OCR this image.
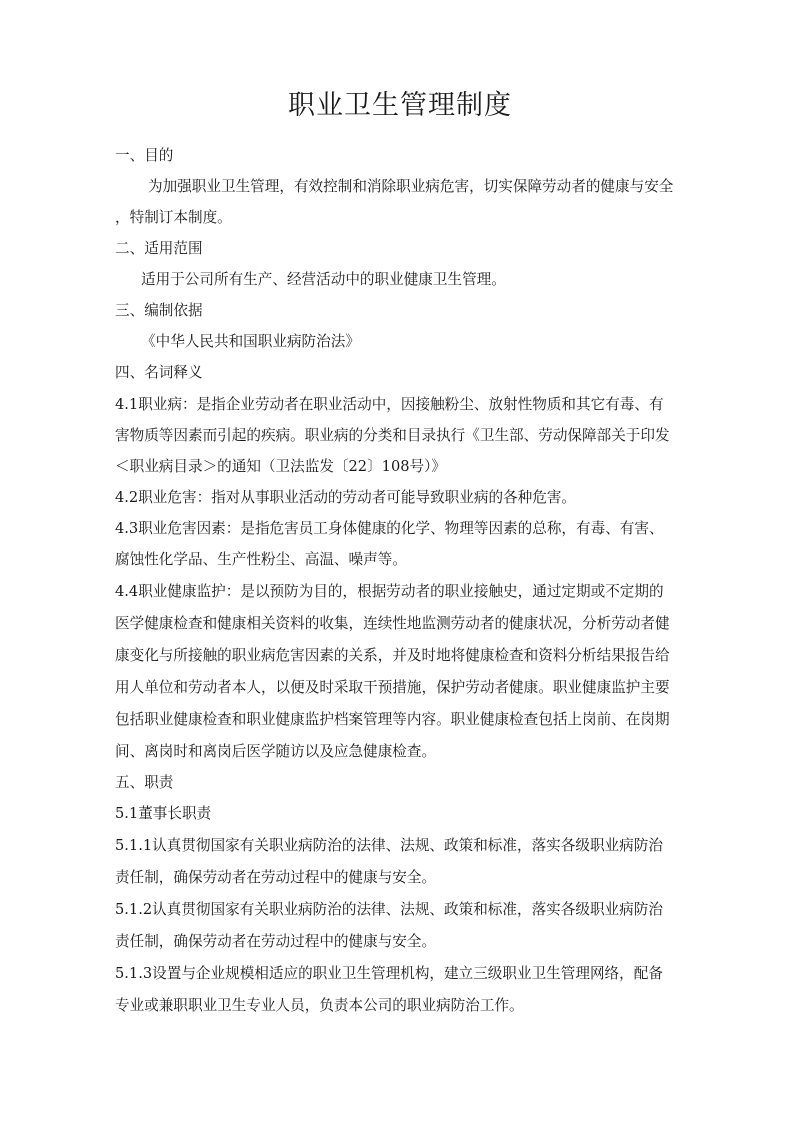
职业卫生管理制度
一、目的
为加强职业卫生管理，有效控制和消除职业病危害，切实保障劳动者的健康与安全
，特制订本制度。
二、适用范围
适用于公司所有生产、经营活动中的职业健康卫生管理。
三、编制依据
《中华人民共和国职业病防治法》
四、名词释义
4.1职业病：是指企业劳动者在职业活动中，因接触粉尘、放射性物质和其它有毒、有
害物质等因素而引起的疾病。职业病的分类和目录执行《卫生部、劳动保障部关于印发
＜职业病目录＞的通知（卫法监发〔22〕108号）》
4.2职业危害：指对从事职业活动的劳动者可能导致职业病的各种危害。
4.3职业危害因素：是指危害员工身体健康的化学、物理等因素的总称，有毒、有害、
腐蚀性化学品、生产性粉尘、高温、噪声等。
4.4职业健康监护：是以预防为目的，根据劳动者的职业接触史，通过定期或不定期的
医学健康检查和健康相关资料的收集，连续性地监测劳动者的健康状况，分析劳动者健
康变化与所接触的职业病危害因素的关系，并及时地将健康检查和资料分析结果报告给
用人单位和劳动者本人，以便及时采取干预措施，保护劳动者健康。职业健康监护主要
包括职业健康检查和职业健康监护档案管理等内容。职业健康检查包括上岗前、在岗期
间、离岗时和离岗后医学随访以及应急健康检查。
五、职责
5.1董事长职责
5.1.1认真贯彻国家有关职业病防治的法律、法规、政策和标准，落实各级职业病防治
责任制，确保劳动者在劳动过程中的健康与安全。
5.1.2认真贯彻国家有关职业病防治的法律、法规、政策和标准，落实各级职业病防治
责任制，确保劳动者在劳动过程中的健康与安全。
5.1.3设置与企业规模相适应的职业卫生管理机构，建立三级职业卫生管理网络，配备
专业或兼职职业卫生专业人员，负责本公司的职业病防治工作。
